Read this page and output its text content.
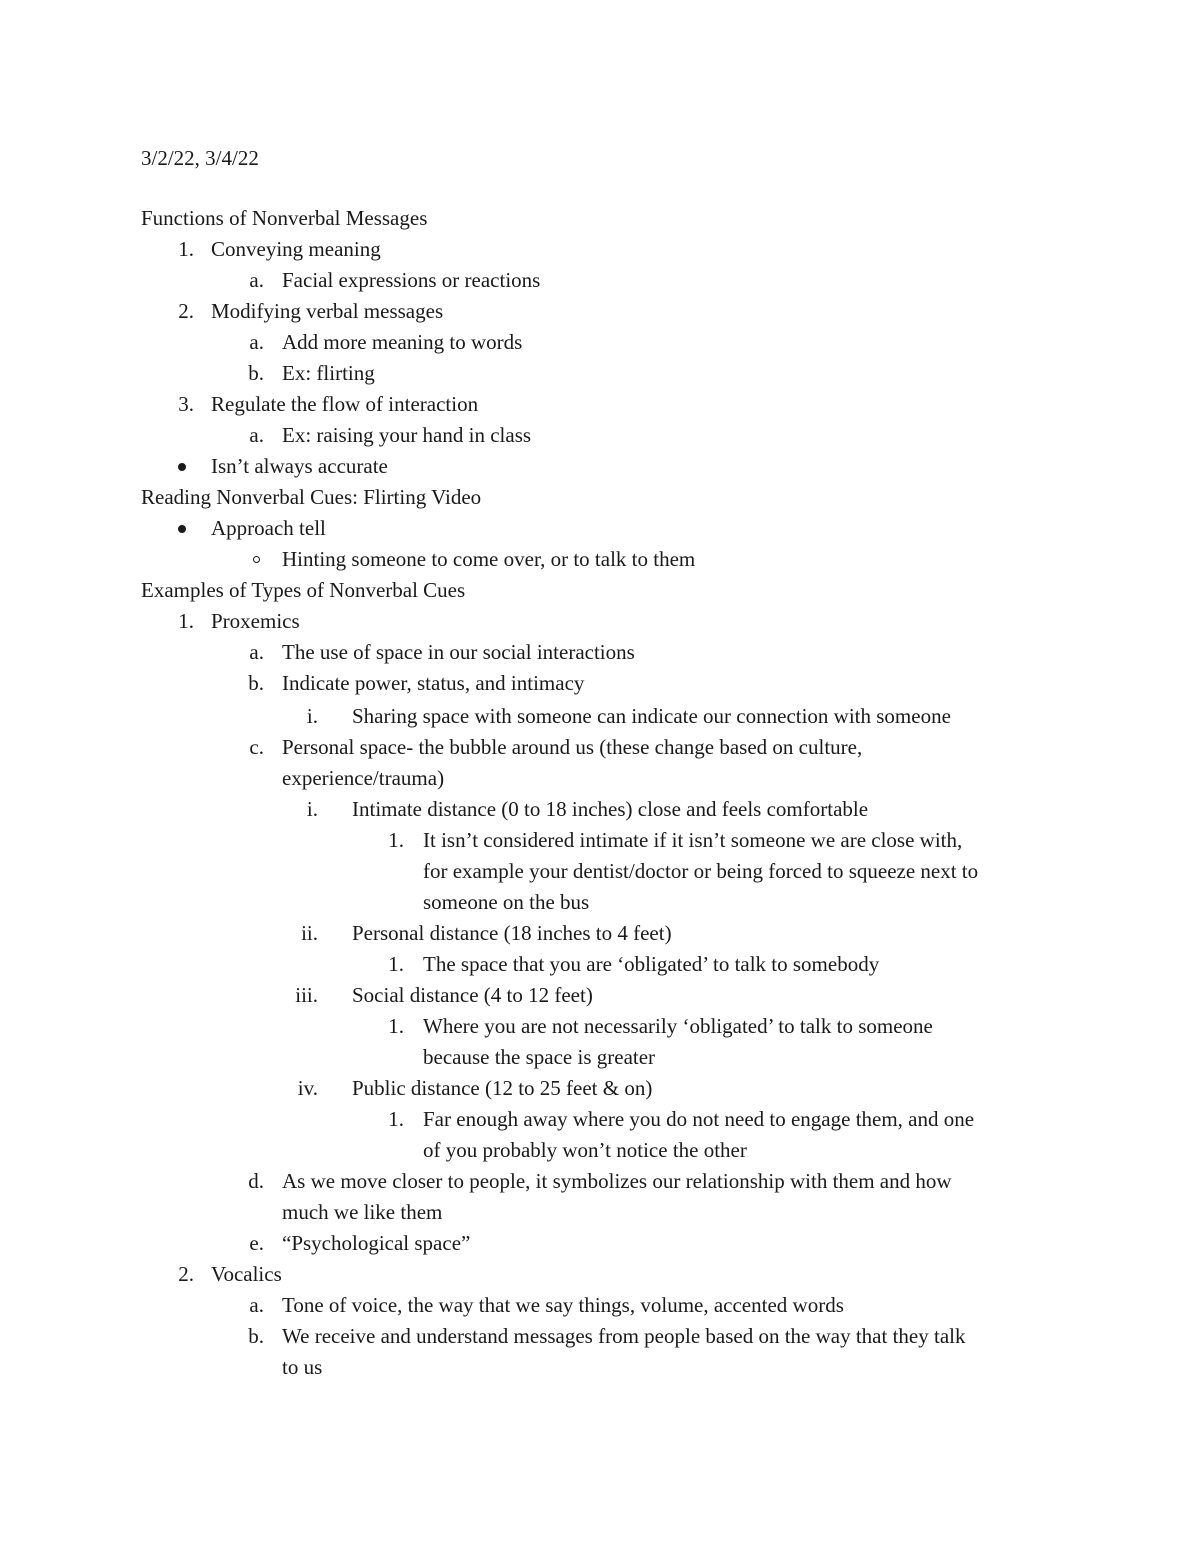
3/2/22, 3/4/22
Functions of Nonverbal Messages
1. Conveying meaning
a. Facial expressions or reactions
2. Modifying verbal messages
a. Add more meaning to words
b. Ex: flirting
3. Regulate the flow of interaction
a. Ex: raising your hand in class
Isn’t always accurate
Reading Nonverbal Cues: Flirting Video
Approach tell
Hinting someone to come over, or to talk to them
Examples of Types of Nonverbal Cues
1. Proxemics
a. The use of space in our social interactions
b. Indicate power, status, and intimacy
i. Sharing space with someone can indicate our connection with someone
c. Personal space- the bubble around us (these change based on culture,
experience/trauma)
i. Intimate distance (0 to 18 inches) close and feels comfortable
1. It isn’t considered intimate if it isn’t someone we are close with,
for example your dentist/doctor or being forced to squeeze next to
someone on the bus
ii. Personal distance (18 inches to 4 feet)
1. The space that you are ‘obligated’ to talk to somebody
iii. Social distance (4 to 12 feet)
1. Where you are not necessarily ‘obligated’ to talk to someone
because the space is greater
iv. Public distance (12 to 25 feet & on)
1. Far enough away where you do not need to engage them, and one
of you probably won’t notice the other
d. As we move closer to people, it symbolizes our relationship with them and how
much we like them
e. “Psychological space”
2. Vocalics
a. Tone of voice, the way that we say things, volume, accented words
b. We receive and understand messages from people based on the way that they talk
to us
